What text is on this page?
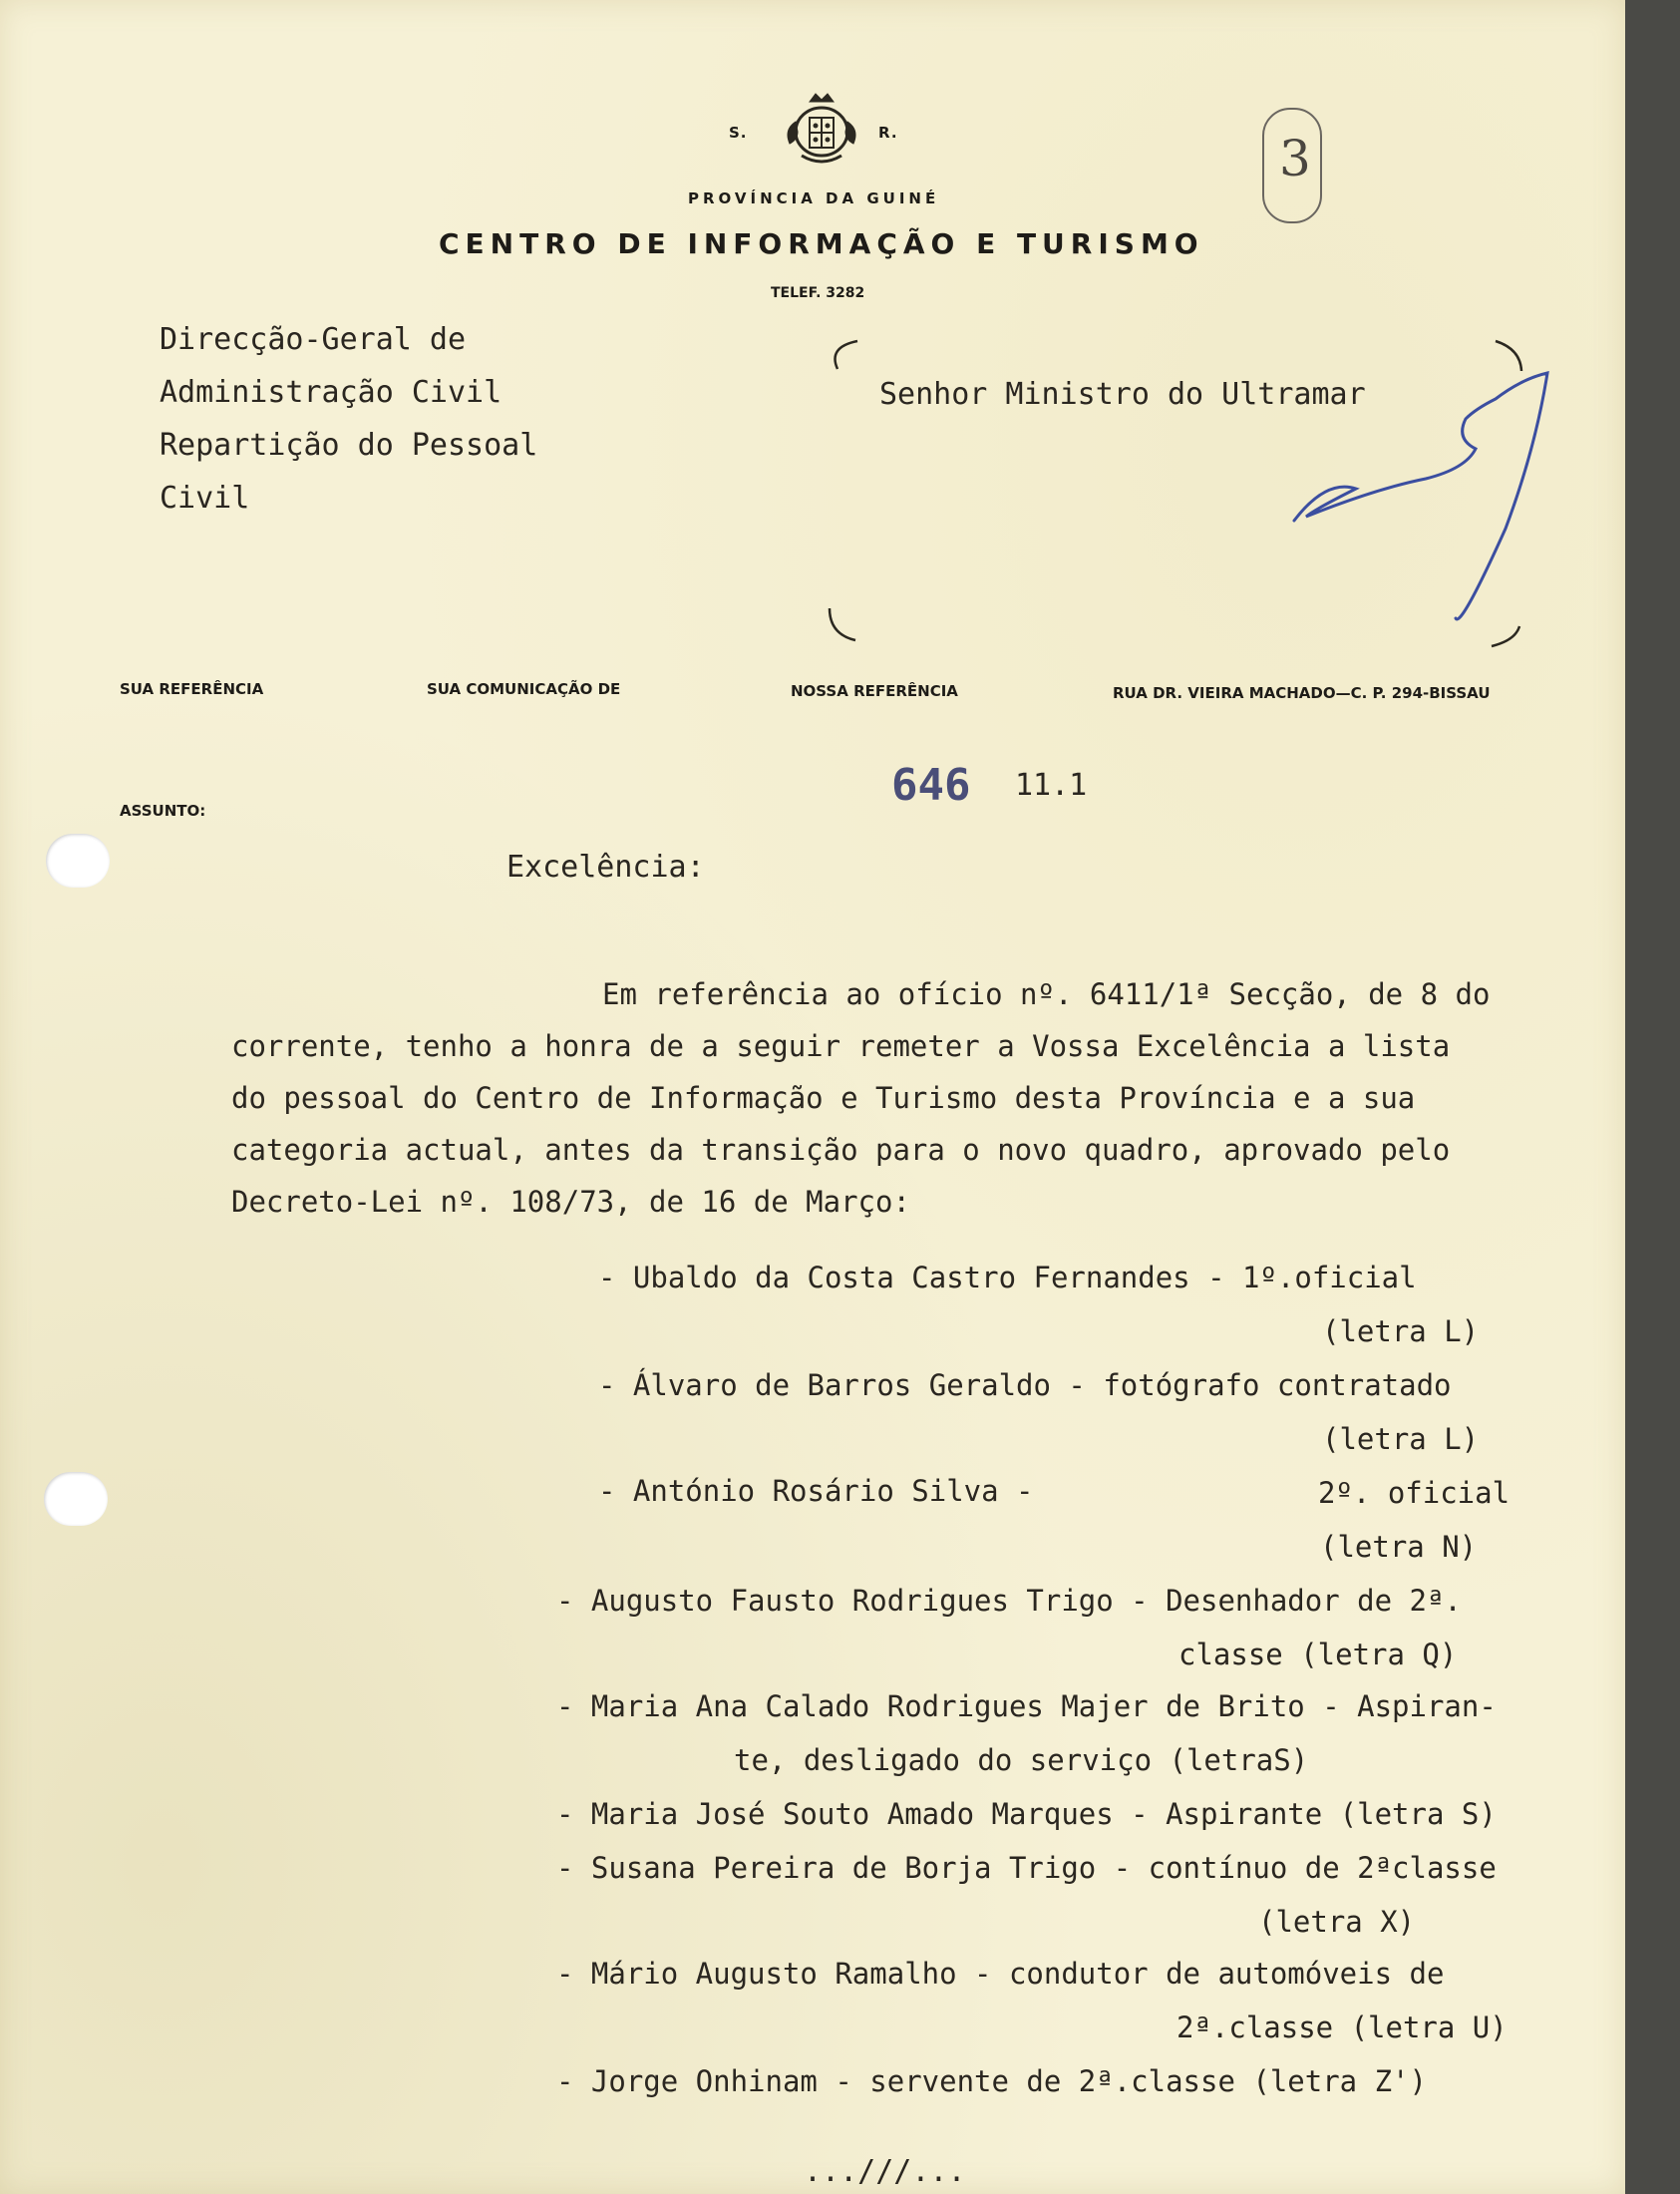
S.	R.
PROVÍNCIA DA GUINÉ
CENTRO DE INFORMAÇÃO E TURISMO
TELEF. 3282
3
Direcção-Geral de
Administração Civil
Repartição do Pessoal
Civil
Senhor Ministro do Ultramar
SUA REFERÊNCIA	SUA COMUNICAÇÃO DE	NOSSA REFERÊNCIA	RUA DR. VIEIRA MACHADO—C. P. 294-BISSAU
ASSUNTO:	646 11.1
Excelência:
Em referência ao ofício nº. 6411/1ª Secção, de 8 do
corrente, tenho a honra de a seguir remeter a Vossa Excelência a lista
do pessoal do Centro de Informação e Turismo desta Província e a sua
categoria actual, antes da transição para o novo quadro, aprovado pelo
Decreto-Lei nº. 108/73, de 16 de Março:
- Ubaldo da Costa Castro Fernandes - 1º.oficial
(letra L)
- Álvaro de Barros Geraldo - fotógrafo contratado
(letra L)
- António Rosário Silva -	2º. oficial
(letra N)
- Augusto Fausto Rodrigues Trigo - Desenhador de 2ª.
classe (letra Q)
- Maria Ana Calado Rodrigues Majer de Brito - Aspiran-
te, desligado do serviço (letraS)
- Maria José Souto Amado Marques - Aspirante (letra S)
- Susana Pereira de Borja Trigo - contínuo de 2ªclasse
(letra X)
- Mário Augusto Ramalho - condutor de automóveis de
2ª.classe (letra U)
- Jorge Onhinam - servente de 2ª.classe (letra Z')
...///...
